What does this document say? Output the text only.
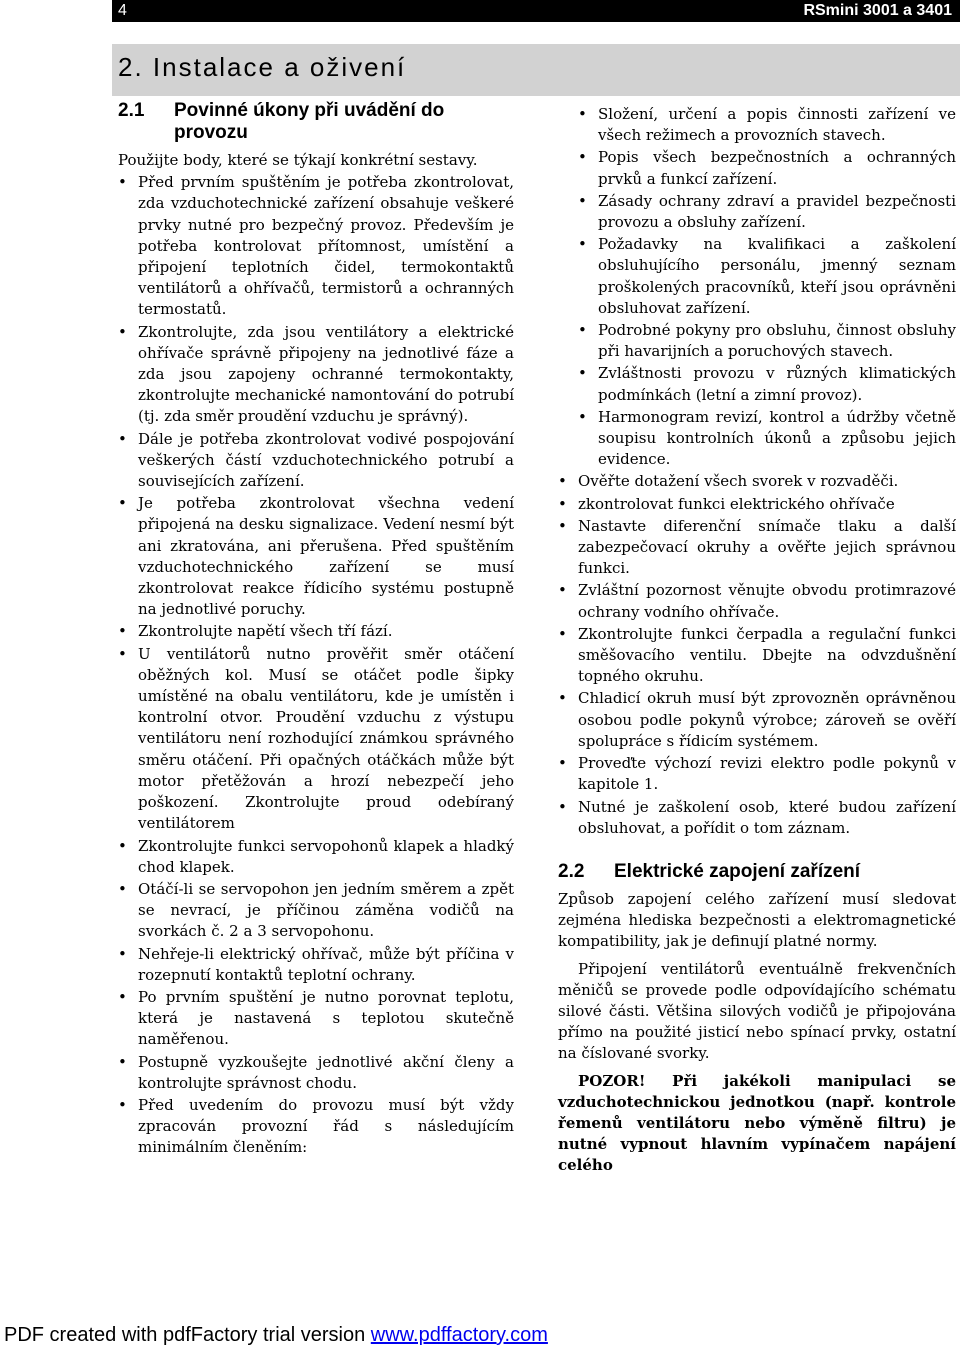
4	RSmini 3001 a 3401
2. Instalace a oživení
2.1 Povinné úkony při uvádění do provozu
Použijte body, které se týkají konkrétní sestavy.
• Před prvním spuštěním je potřeba zkontrolovat, zda vzduchotechnické zařízení obsahuje veškeré prvky nutné pro bezpečný provoz. Především je potřeba kontrolovat přítomnost, umístění a připojení teplotních čidel, termokontaktů ventilátorů a ohřívačů, termistorů a ochranných termostatů.
• Zkontrolujte, zda jsou ventilátory a elektrické ohřívače správně připojeny na jednotlivé fáze a zda jsou zapojeny ochranné termokontakty, zkontrolujte mechanické namontování do potrubí (tj. zda směr proudění vzduchu je správný).
• Dále je potřeba zkontrolovat vodivé pospojování veškerých částí vzduchotechnického potrubí a souvisejících zařízení.
• Je potřeba zkontrolovat všechna vedení připojená na desku signalizace. Vedení nesmí být ani zkratována, ani přerušena. Před spuštěním vzduchotechnického zařízení se musí zkontrolovat reakce řídicího systému postupně na jednotlivé poruchy.
• Zkontrolujte napětí všech tří fází.
• U ventilátorů nutno prověřit směr otáčení oběžných kol. Musí se otáčet podle šipky umístěné na obalu ventilátoru, kde je umístěn i kontrolní otvor. Proudění vzduchu z výstupu ventilátoru není rozhodující známkou správného směru otáčení. Při opačných otáčkách může být motor přetěžován a hrozí nebezpečí jeho poškození. Zkontrolujte proud odebíraný ventilátorem
• Zkontrolujte funkci servopohonů klapek a hladký chod klapek.
• Otáčí-li se servopohon jen jedním směrem a zpět se nevrací, je příčinou záměna vodičů na svorkách č. 2 a 3 servopohonu.
• Nehřeje-li elektrický ohřívač, může být příčina v rozepnutí kontaktů teplotní ochrany.
• Po prvním spuštění je nutno porovnat teplotu, která je nastavená s teplotou skutečně naměřenou.
• Postupně vyzkoušejte jednotlivé akční členy a kontrolujte správnost chodu.
• Před uvedením do provozu musí být vždy zpracován provozní řád s následujícím minimálním členěním:
• Složení, určení a popis činnosti zařízení ve všech režimech a provozních stavech.
• Popis všech bezpečnostních a ochranných prvků a funkcí zařízení.
• Zásady ochrany zdraví a pravidel bezpečnosti provozu a obsluhy zařízení.
• Požadavky na kvalifikaci a zaškolení obsluhujícího personálu, jmenný seznam proškolených pracovníků, kteří jsou oprávněni obsluhovat zařízení.
• Podrobné pokyny pro obsluhu, činnost obsluhy při havarijních a poruchových stavech.
• Zvláštnosti provozu v různých klimatických podmínkách (letní a zimní provoz).
• Harmonogram revizí, kontrol a údržby včetně soupisu kontrolních úkonů a způsobu jejich evidence.
• Ověřte dotažení všech svorek v rozvaděči.
• zkontrolovat funkci elektrického ohřívače
• Nastavte diferenční snímače tlaku a další zabezpečovací okruhy a ověřte jejich správnou funkci.
• Zvláštní pozornost věnujte obvodu protimrazové ochrany vodního ohřívače.
• Zkontrolujte funkci čerpadla a regulační funkci směšovacího ventilu. Dbejte na odvzdušnění topného okruhu.
• Chladicí okruh musí být zprovozněn oprávněnou osobou podle pokynů výrobce; zároveň se ověří spolupráce s řídicím systémem.
• Proveďte výchozí revizi elektro podle pokynů v kapitole 1.
• Nutné je zaškolení osob, které budou zařízení obsluhovat, a pořídit o tom záznam.
2.2 Elektrické zapojení zařízení

Způsob zapojení celého zařízení musí sledovat zejména hlediska bezpečnosti a elektromagnetické kompatibility, jak je definují platné normy.

Připojení ventilátorů eventuálně frekvenčních měničů se provede podle odpovídajícího schématu silové části. Většina silových vodičů je připojována přímo na použité jisticí nebo spínací prvky, ostatní na číslované svorky.

POZOR! Při jakékoli manipulaci se vzduchotechnickou jednotkou (např. kontrole řemenů ventilátoru nebo výměně filtru) je nutné vypnout hlavním vypínačem napájení celého

PDF created with pdfFactory trial version www.pdffactory.com
